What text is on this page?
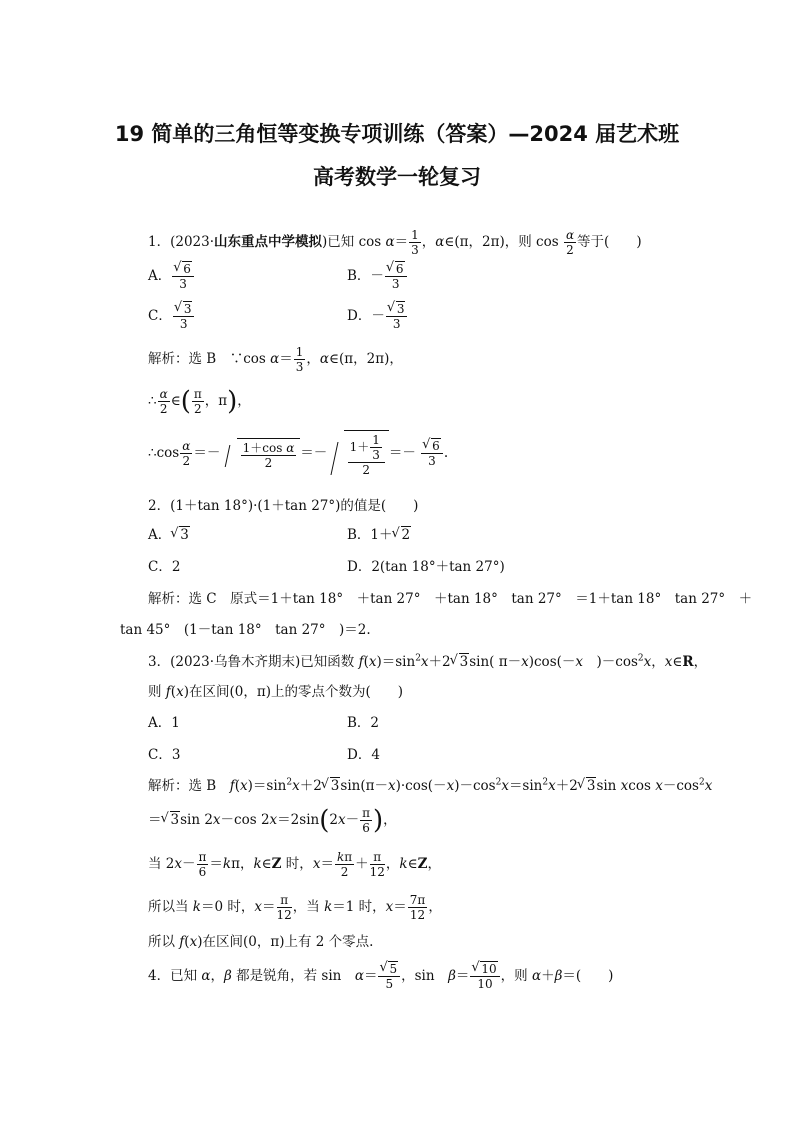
19 简单的三角恒等变换专项训练（答案）—2024 届艺术班
高考数学一轮复习
1．(2023·山东重点中学模拟)已知 $\cos \alpha= \frac{1}{3}$ ，α∈(π，2π)，则 $\cos \frac{\alpha}{2}$ 等于(　　)
A．
√ $\frac{6}{3}$	B．－
√ $\frac{6}{3}$
C．
√ $\frac{3}{3}$	D．－
√ $\frac{3}{3}$
解析：选 B　∵cos $\alpha= \frac{1}{3}$ ，α∈(π，2π)，
∴ $\frac{\alpha}{2}$ ∈( $\frac{\pi}{2}$ ，π)，
∴cos $\frac{\alpha}{2} =- \frac{\text{1＋cos α}}{2} =- \frac{1+ \frac{1}{3}}{2}$ ＝－
√ $\frac{6}{3}$ .
2．(1＋tan 18°)·(1＋tan 27°)的值是(　　)
A．√ 3	B．1＋√ 2
C．2	D．2(tan 18°＋tan 27°)
解析：选 C　原式＝1＋tan 18°　＋tan 27°　＋tan 18°　tan 27°　＝1＋tan 18°　tan 27°　＋
tan 45°　(1－tan 18°　tan 27°　)＝2.
3．(2023·乌鲁木齐期末)已知函数 $f(x)=\sin^2x+2√$ 3sin( π－x)cos(－x　)$-\cos^2x$，x∈R，
则 f(x)在区间(0，π)上的零点个数为(　　)
A．1	B．2
C．3	D．4
解析：选 B　$f(x)=\sin^2x+2√$ $3\sin(\pi-x)\cdot\cos(-x)-\cos^2x=\sin^2x+2√$ 3sin xcos $x-\cos^2x$
＝√ 3sin 2x－cos $2x=2\sin(2x- \frac{\pi}{6}$ )，
当 $2x- \frac{\pi}{6} =k\pi$，k∈Z 时，$x= \frac{k\pi}{2} + \frac{\pi}{12}$ ，k∈Z，
所以当 k＝0 时，$x= \frac{\pi}{12}$ ，当 k＝1 时，$x= \frac{7\pi}{12}$ ，
所以 f(x)在区间(0，π)上有 2 个零点.
4．已知 α，β 都是锐角，若 sin　α＝
√ $\frac{5}{5}$ ，sin　β＝
√ $\frac{10}{10}$ ，则 α＋β＝(　　)
